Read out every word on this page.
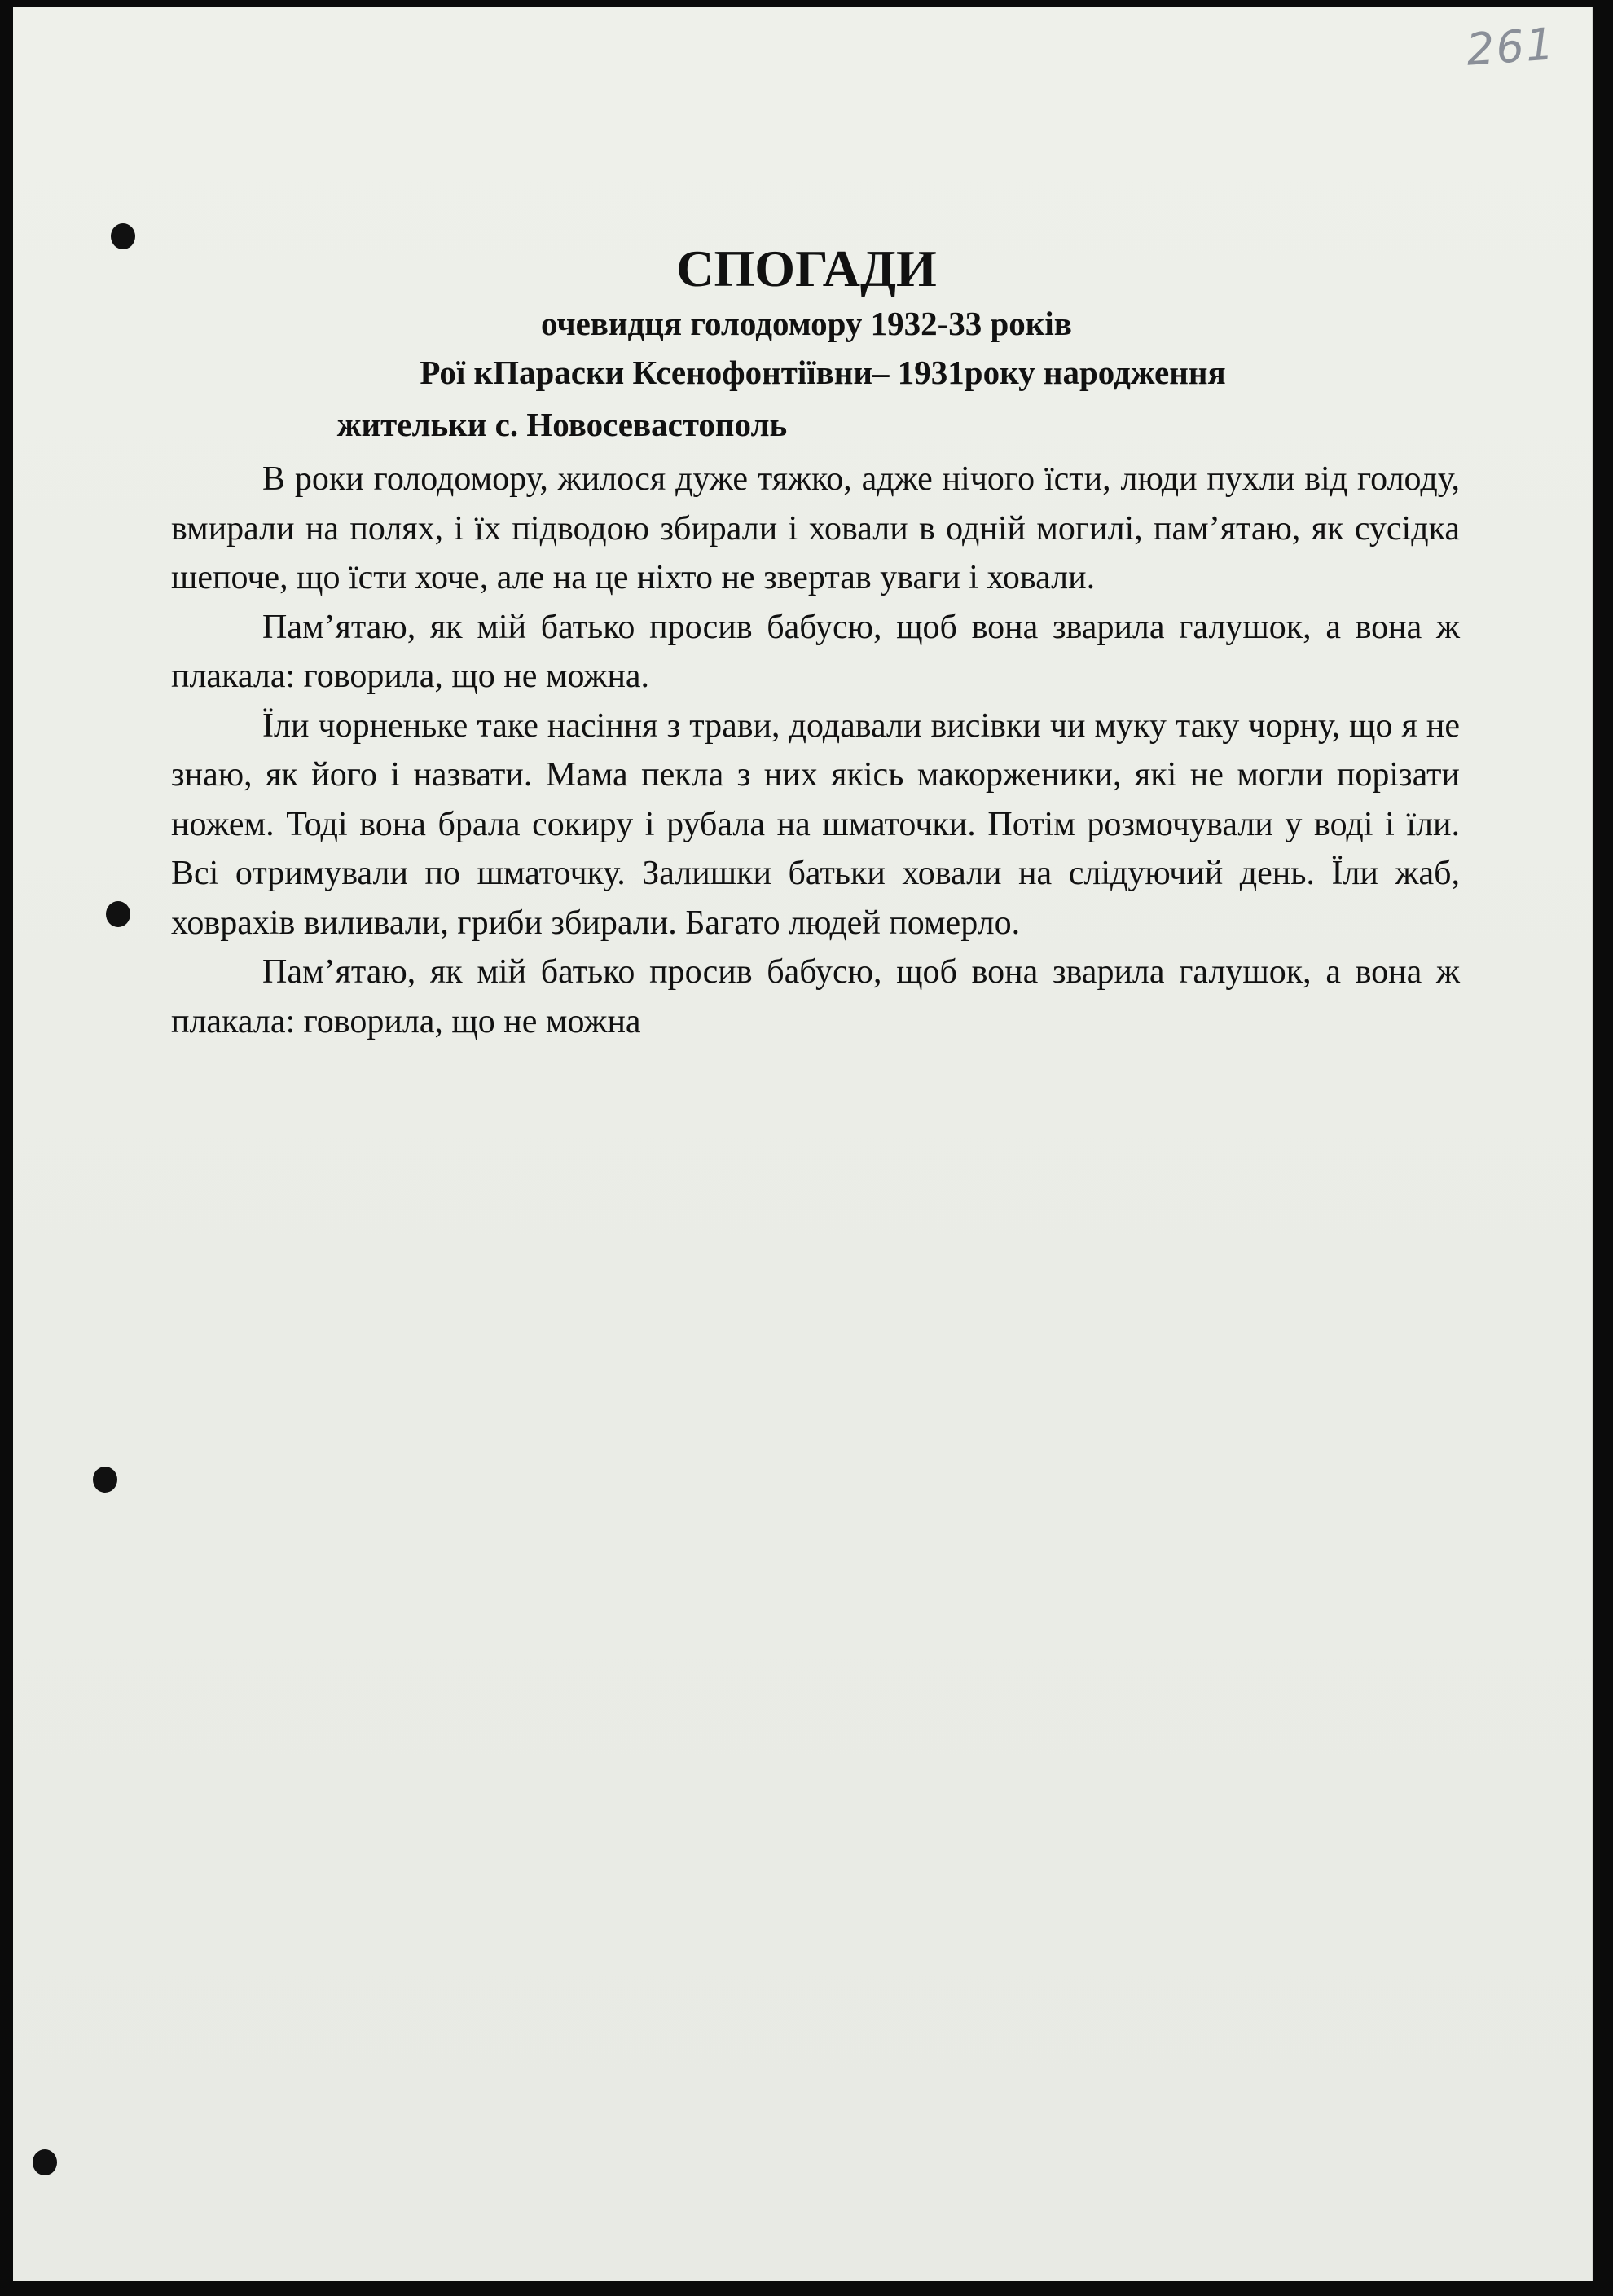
261
СПОГАДИ
очевидця голодомору 1932-33 років
Рої кПараски Ксенофонтіївни– 1931року народження
жительки с. Новосевастополь

В роки голодомору, жилося дуже тяжко, адже нічого їсти, люди пухли від голоду, вмирали на полях, і їх підводою збирали і ховали в одній могилі, пам’ятаю, як сусідка шепоче, що їсти хоче, але на це ніхто не звертав уваги і ховали.

Пам’ятаю, як мій батько просив бабусю, щоб вона зварила галушок, а вона ж плакала: говорила, що не можна.

Їли чорненьке таке насіння з трави, додавали висівки чи муку таку чорну, що я не знаю, як його і назвати. Мама пекла з них якісь макорженики, які не могли порізати ножем. Тоді вона брала сокиру і рубала на шматочки. Потім розмочували у воді і їли. Всі отримували по шматочку. Залишки батьки ховали на слідуючий день. Їли жаб, ховрахів виливали, гриби збирали. Багато людей померло.

Пам’ятаю, як мій батько просив бабусю, щоб вона зварила галушок, а вона ж плакала: говорила, що не можна
